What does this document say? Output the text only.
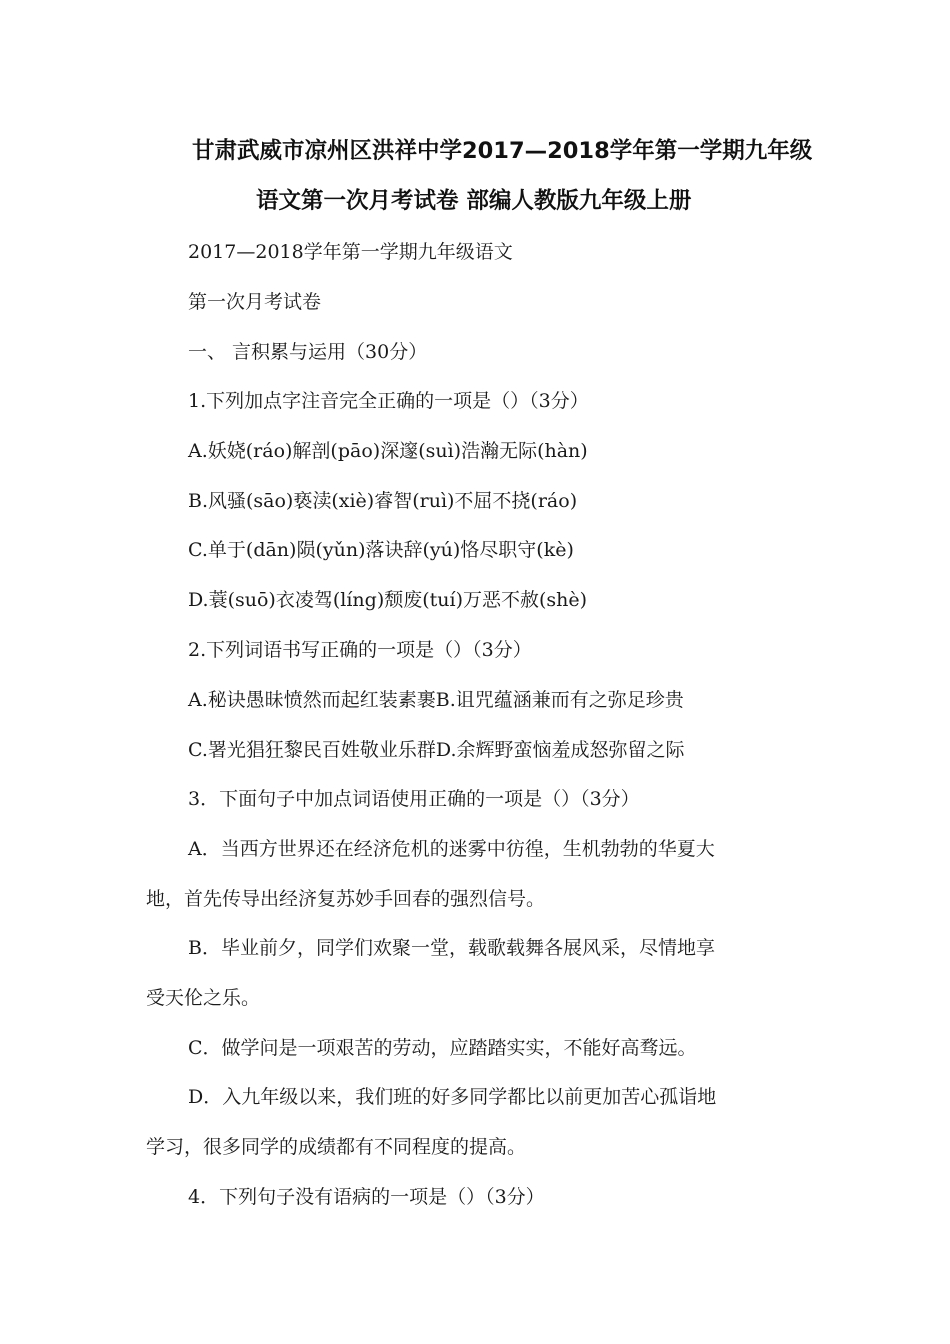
甘肃武威市凉州区洪祥中学2017—2018学年第一学期九年级
语文第一次月考试卷 部编人教版九年级上册
2017—2018学年第一学期九年级语文
第一次月考试卷
一、 言积累与运用（30分）
1.下列加点字注音完全正确的一项是（）（3分）
A.妖娆(ráo)解剖(pāo)深邃(suì)浩瀚无际(hàn)
B.风骚(sāo)亵渎(xiè)睿智(ruì)不屈不挠(ráo)
C.单于(dān)陨(yǔn)落诀辞(yú)恪尽职守(kè)
D.蓑(suō)衣凌驾(líng)颓废(tuí)万恶不赦(shè)
2.下列词语书写正确的一项是（）（3分）
A.秘诀愚昧愤然而起红装素裹B.诅咒蕴涵兼而有之弥足珍贵
C.署光猖狂黎民百姓敬业乐群D.余辉野蛮恼羞成怒弥留之际
3．下面句子中加点词语使用正确的一项是（）（3分）
A．当西方世界还在经济危机的迷雾中彷徨，生机勃勃的华夏大
地，首先传导出经济复苏妙手回春的强烈信号。
B．毕业前夕，同学们欢聚一堂，载歌载舞各展风采，尽情地享
受天伦之乐。
C．做学问是一项艰苦的劳动，应踏踏实实，不能好高骛远。
D．入九年级以来，我们班的好多同学都比以前更加苦心孤诣地
学习，很多同学的成绩都有不同程度的提高。
4．下列句子没有语病的一项是（）（3分）
